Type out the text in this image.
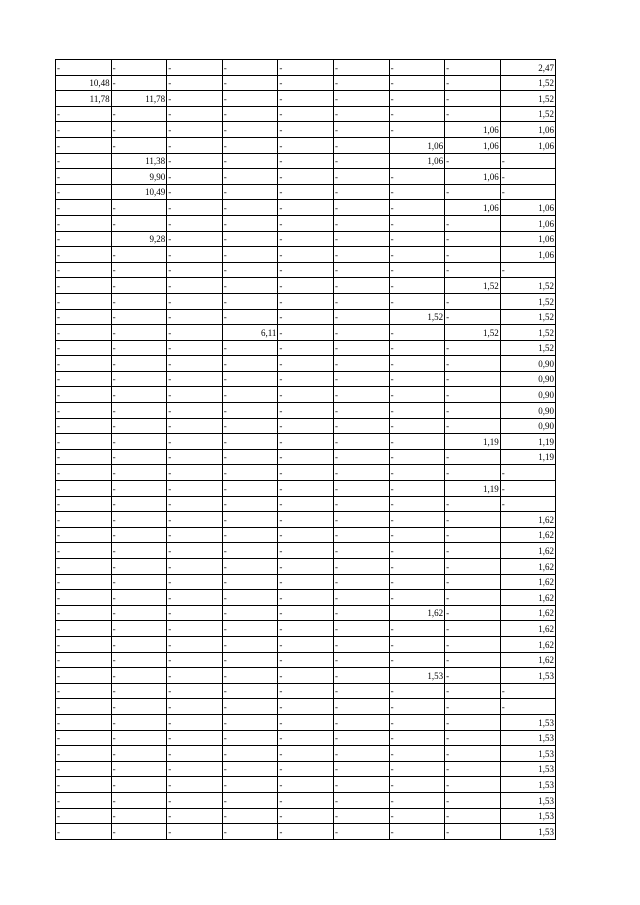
-	-	-	-	-	-	-	-	2,47
10,48	-	-	-	-	-	-	-	1,52
11,78	11,78	-	-	-	-	-	-	1,52
-	-	-	-	-	-	-	-	1,52
-	-	-	-	-	-	-	1,06	1,06
-	-	-	-	-	-	1,06	1,06	1,06
-	11,38	-	-	-	-	1,06	-	-
-	9,90	-	-	-	-	-	1,06	-
-	10,49	-	-	-	-	-	-	-
-	-	-	-	-	-	-	1,06	1,06
-	-	-	-	-	-	-	-	1,06
-	9,28	-	-	-	-	-	-	1,06
-	-	-	-	-	-	-	-	1,06
-	-	-	-	-	-	-	-	-
-	-	-	-	-	-	-	1,52	1,52
-	-	-	-	-	-	-	-	1,52
-	-	-	-	-	-	1,52	-	1,52
-	-	-	6,11	-	-	-	1,52	1,52
-	-	-	-	-	-	-	-	1,52
-	-	-	-	-	-	-	-	0,90
-	-	-	-	-	-	-	-	0,90
-	-	-	-	-	-	-	-	0,90
-	-	-	-	-	-	-	-	0,90
-	-	-	-	-	-	-	-	0,90
-	-	-	-	-	-	-	1,19	1,19
-	-	-	-	-	-	-	-	1,19
-	-	-	-	-	-	-	-	-
-	-	-	-	-	-	-	1,19	-
-	-	-	-	-	-	-	-	-
-	-	-	-	-	-	-	-	1,62
-	-	-	-	-	-	-	-	1,62
-	-	-	-	-	-	-	-	1,62
-	-	-	-	-	-	-	-	1,62
-	-	-	-	-	-	-	-	1,62
-	-	-	-	-	-	-	-	1,62
-	-	-	-	-	-	1,62	-	1,62
-	-	-	-	-	-	-	-	1,62
-	-	-	-	-	-	-	-	1,62
-	-	-	-	-	-	-	-	1,62
-	-	-	-	-	-	1,53	-	1,53
-	-	-	-	-	-	-	-	-
-	-	-	-	-	-	-	-	-
-	-	-	-	-	-	-	-	1,53
-	-	-	-	-	-	-	-	1,53
-	-	-	-	-	-	-	-	1,53
-	-	-	-	-	-	-	-	1,53
-	-	-	-	-	-	-	-	1,53
-	-	-	-	-	-	-	-	1,53
-	-	-	-	-	-	-	-	1,53
-	-	-	-	-	-	-	-	1,53
